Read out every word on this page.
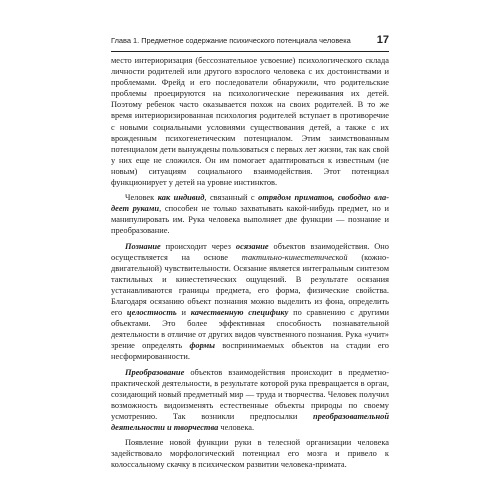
Глава 1. Предметное содержание психического потенциала человека 17

место интериоризация (бессознательное усвоение) психологического склада личности родителей или другого взрослого человека с их достоинствами и проблемами. Фрейд и его последователи обнаружили, что родительские проблемы проецируются на психологические переживания их детей. Поэтому ребенок часто оказывается похож на своих родителей. В то же время интериоризированная психология родителей вступает в противоречие с новыми социальными условиями существования детей, а также с их врожденным психогенетическим потенциалом. Этим заимствованным потенциалом дети вынуждены пользоваться с первых лет жизни, так как свой у них еще не сложился. Он им помогает адаптироваться к известным (не новым) ситуациям социального взаимодействия. Этот потенциал функционирует у детей на уровне инстинктов.

Человек как индивид, связанный с отрядом приматов, свободно владеет руками, способен не только захватывать какой-нибудь предмет, но и манипулировать им. Рука человека выполняет две функции — познание и преобразование.

Познание происходит через осязание объектов взаимодействия. Оно осуществляется на основе тактильно-кинестетической (кожнодвигательной) чувствительности. Осязание является интегральным синтезом тактильных и кинестетических ощущений. В результате осязания устанавливаются границы предмета, его форма, физические свойства. Благодаря осязанию объект познания можно выделить из фона, определить его целостность и качественную специфику по сравнению с другими объектами. Это более эффективная способность познавательной деятельности в отличие от других видов чувственного познания. Рука «учит» зрение определять формы воспринимаемых объектов на стадии его несформированности.

Преобразование объектов взаимодействия происходит в предметнопрактической деятельности, в результате которой рука превращается в орган, созидающий новый предметный мир — труда и творчества. Человек получил возможность видоизменять естественные объекты природы по своему усмотрению. Так возникли предпосылки преобразовательной деятельности и творчества человека.

Появление новой функции руки в телесной организации человека задействовало морфологический потенциал его мозга и привело к колоссальному скачку в психическом развитии человека-примата.
